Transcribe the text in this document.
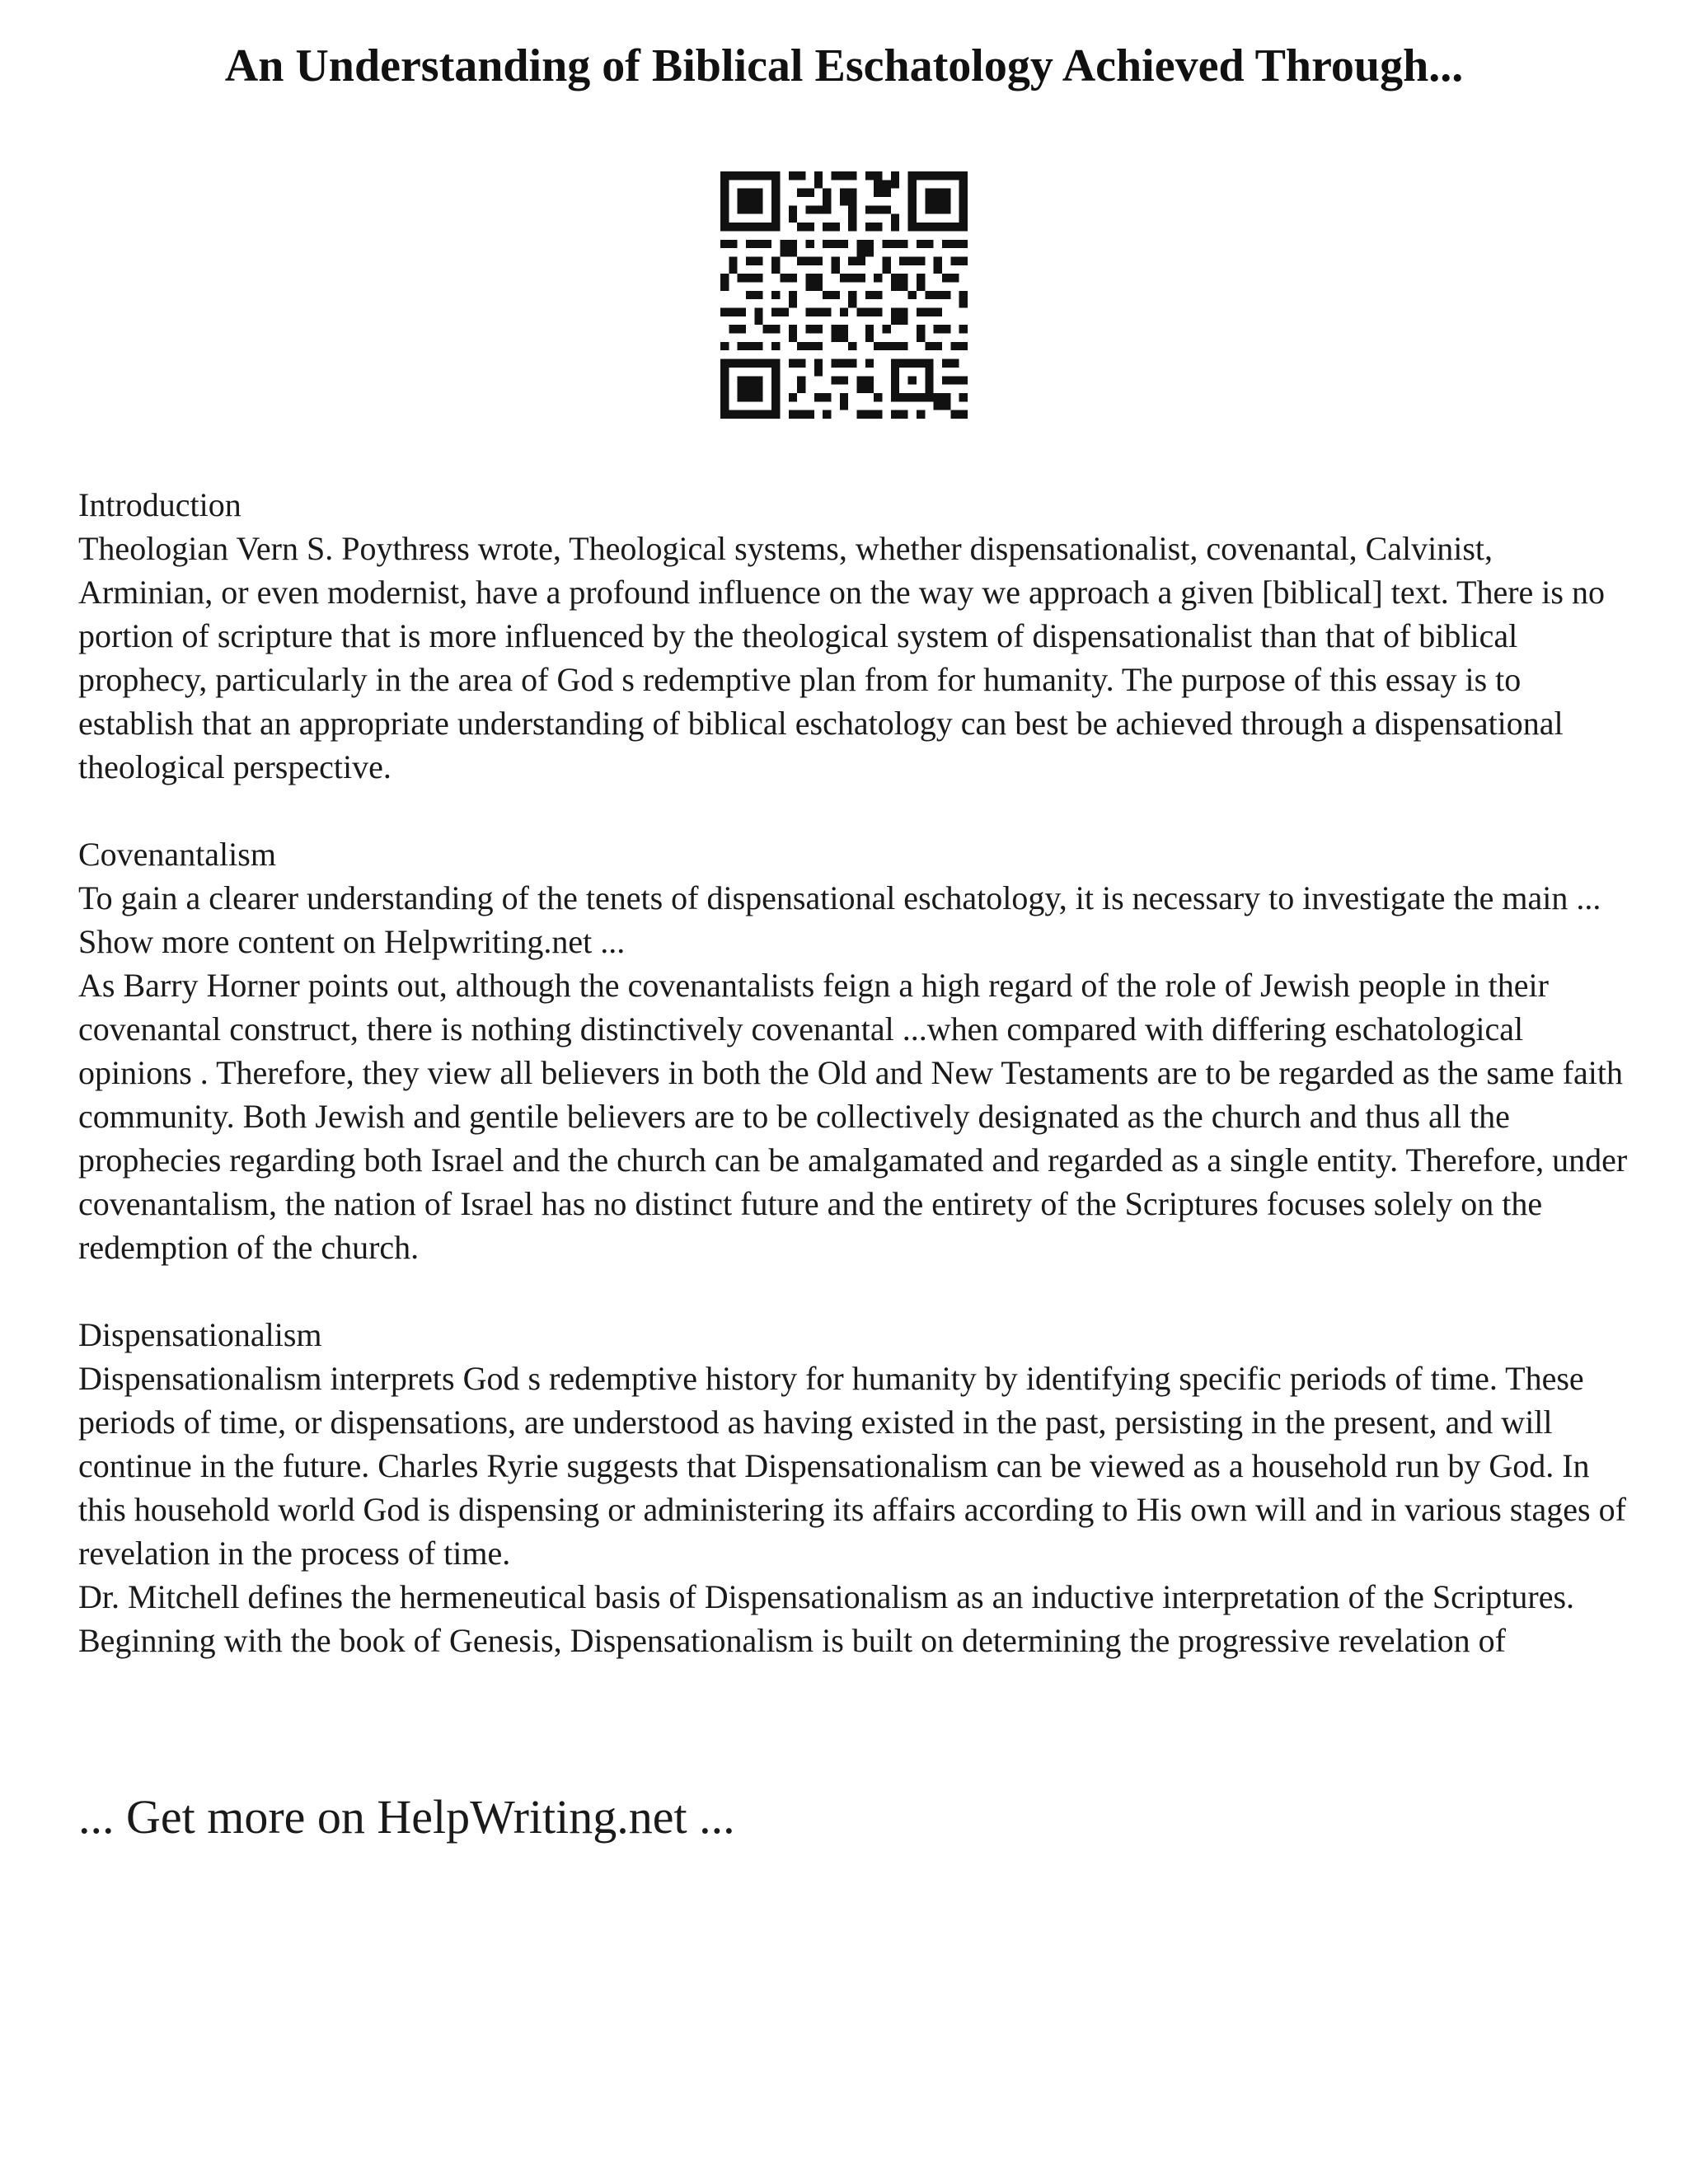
An Understanding of Biblical Eschatology Achieved Through...
Introduction

Theologian Vern S. Poythress wrote, Theological systems, whether dispensationalist, covenantal, Calvinist, Arminian, or even modernist, have a profound influence on the way we approach a given [biblical] text. There is no portion of scripture that is more influenced by the theological system of dispensationalist than that of biblical prophecy, particularly in the area of God s redemptive plan from for humanity. The purpose of this essay is to establish that an appropriate understanding of biblical eschatology can best be achieved through a dispensational theological perspective.

Covenantalism

To gain a clearer understanding of the tenets of dispensational eschatology, it is necessary to investigate the main ... Show more content on Helpwriting.net ...

As Barry Horner points out, although the covenantalists feign a high regard of the role of Jewish people in their covenantal construct, there is nothing distinctively covenantal ...when compared with differing eschatological opinions . Therefore, they view all believers in both the Old and New Testaments are to be regarded as the same faith community. Both Jewish and gentile believers are to be collectively designated as the church and thus all the prophecies regarding both Israel and the church can be amalgamated and regarded as a single entity. Therefore, under covenantalism, the nation of Israel has no distinct future and the entirety of the Scriptures focuses solely on the redemption of the church.

Dispensationalism

Dispensationalism interprets God s redemptive history for humanity by identifying specific periods of time. These periods of time, or dispensations, are understood as having existed in the past, persisting in the present, and will continue in the future. Charles Ryrie suggests that Dispensationalism can be viewed as a household run by God. In this household world God is dispensing or administering its affairs according to His own will and in various stages of revelation in the process of time.

Dr. Mitchell defines the hermeneutical basis of Dispensationalism as an inductive interpretation of the Scriptures. Beginning with the book of Genesis, Dispensationalism is built on determining the progressive revelation of

... Get more on HelpWriting.net ...
